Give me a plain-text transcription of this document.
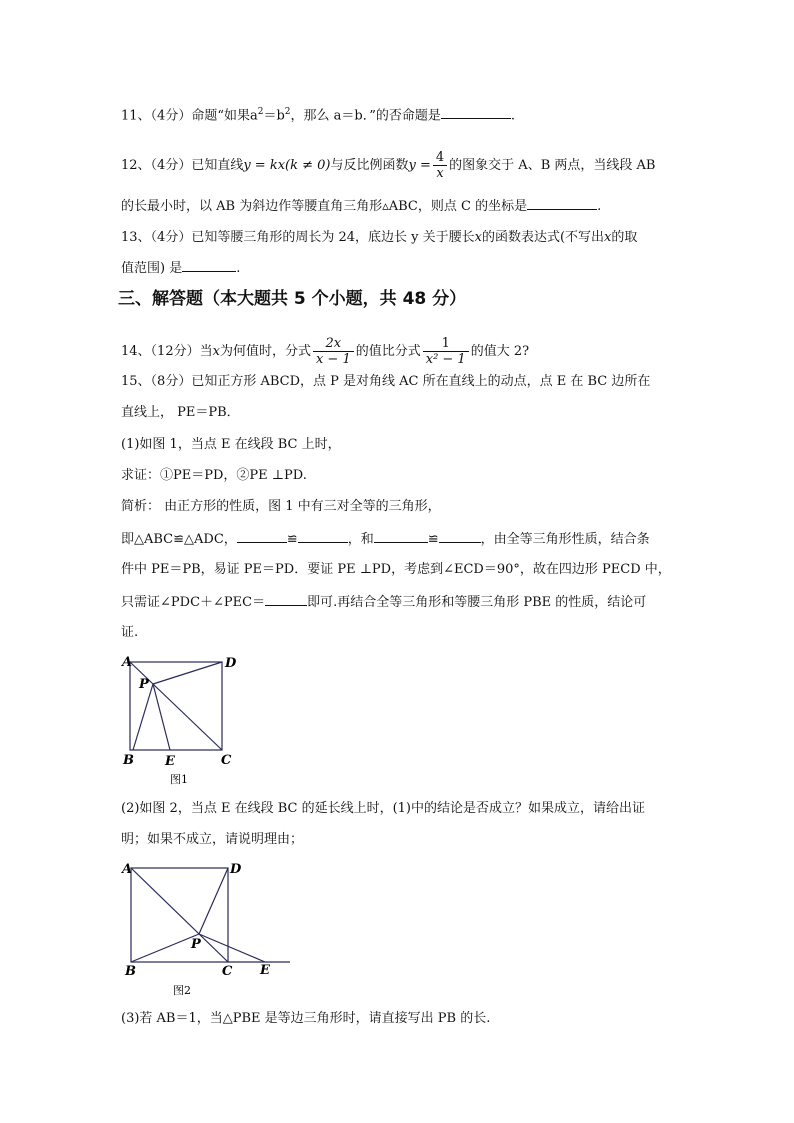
11、（4分）命题“如果$a^2=b^2$，那么 a＝b．”的否命题是	.
12、（4分）已知直线y = kx(k ≠ 0)与反比例函数$y = \frac{4}{x}$ 的图象交于 A、B 两点，当线段 AB
的长最小时，以 AB 为斜边作等腰直角三角形▵ABC，则点 C 的坐标是	.
13、（4分）已知等腰三角形的周长为 24，底边长 y 关于腰长x的函数表达式(不写出x的取
值范围) 是	.
三、解答题（本大题共 5 个小题，共 48 分）
14、（12分）当x为何值时，分式 $\frac{2x}{x - 1}$ 的值比分式 $\frac{1}{\text{x² − 1}}$ 的值大 2?
15、（8分）已知正方形 ABCD，点 P 是对角线 AC 所在直线上的动点，点 E 在 BC 边所在
直线上， PE＝PB．
(1)如图 1，当点 E 在线段 BC 上时，
求证：①PE＝PD，②PE ⊥PD.
简析： 由正方形的性质，图 1 中有三对全等的三角形，
即△ABC≌△ADC，	≌	，和	≌	，由全等三角形性质，结合条
件中 PE＝PB，易证 PE＝PD．要证 PE ⊥PD，考虑到∠ECD＝90°，故在四边形 PECD 中，
只需证∠PDC＋∠PEC＝	即可.再结合全等三角形和等腰三角形 PBE 的性质，结论可
证.
A	D
P
B E	C
图1
(2)如图 2，当点 E 在线段 BC 的延长线上时，(1)中的结论是否成立？如果成立，请给出证
明；如果不成立，请说明理由；
A	D
P
B	C E
图2
(3)若 AB＝1，当△PBE 是等边三角形时，请直接写出 PB 的长.
